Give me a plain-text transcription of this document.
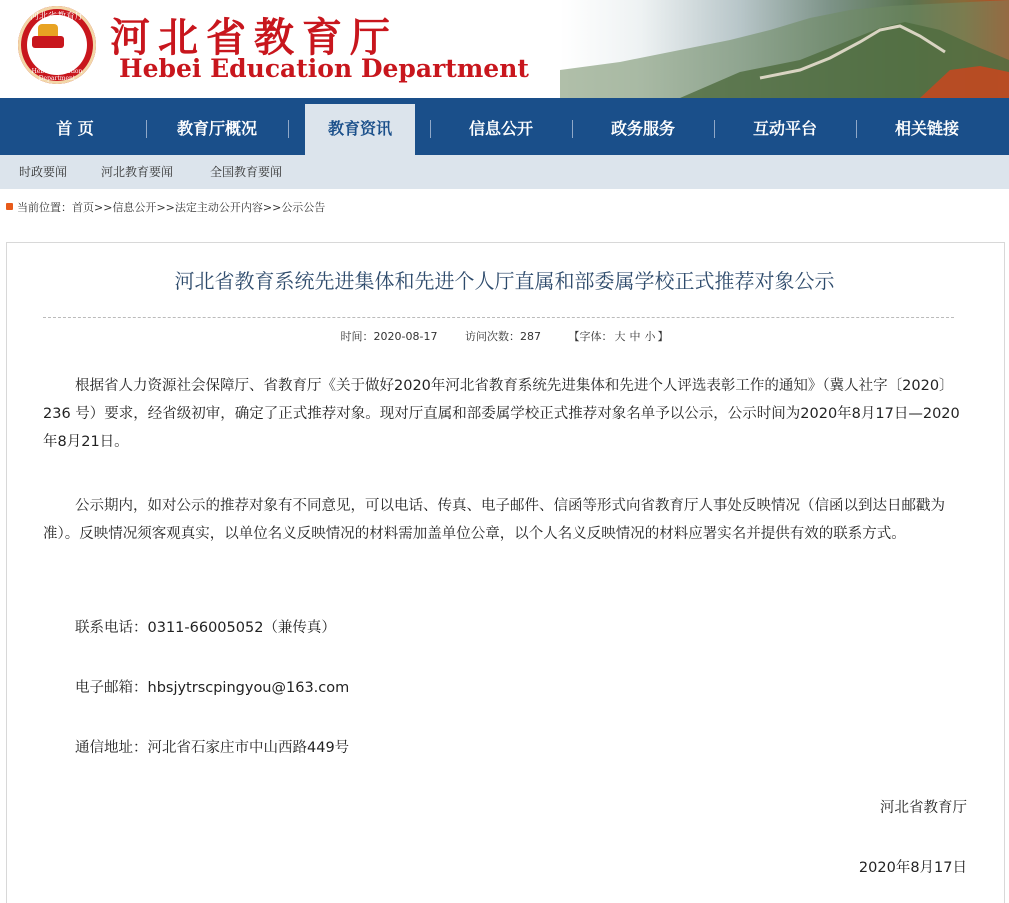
河北省教育厅
Hebei Education Department
河北省教育厅
Hebei Education Department
首 页	教育厅概况	教育资讯	信息公开	政务服务	互动平台	相关链接
时政要闻	河北教育要闻	全国教育要闻
当前位置：首页>>信息公开>>法定主动公开内容>>公示公告
河北省教育系统先进集体和先进个人厅直属和部委属学校正式推荐对象公示
时间：2020-08-17	访问次数：287	【字体： 大 中 小 】
根据省人力资源社会保障厅、省教育厅《关于做好2020年河北省教育系统先进集体和先进个人评选表彰工作的通知》（冀人社字〔2020〕236 号）要求，经省级初审，确定了正式推荐对象。现对厅直属和部委属学校正式推荐对象名单予以公示，公示时间为2020年8月17日—2020年8月21日。
公示期内，如对公示的推荐对象有不同意见，可以电话、传真、电子邮件、信函等形式向省教育厅人事处反映情况（信函以到达日邮戳为准）。反映情况须客观真实，以单位名义反映情况的材料需加盖单位公章，以个人名义反映情况的材料应署实名并提供有效的联系方式。
联系电话：0311-66005052（兼传真）
电子邮箱：hbsjytrscpingyou@163.com
通信地址：河北省石家庄市中山西路449号
河北省教育厅
2020年8月17日
